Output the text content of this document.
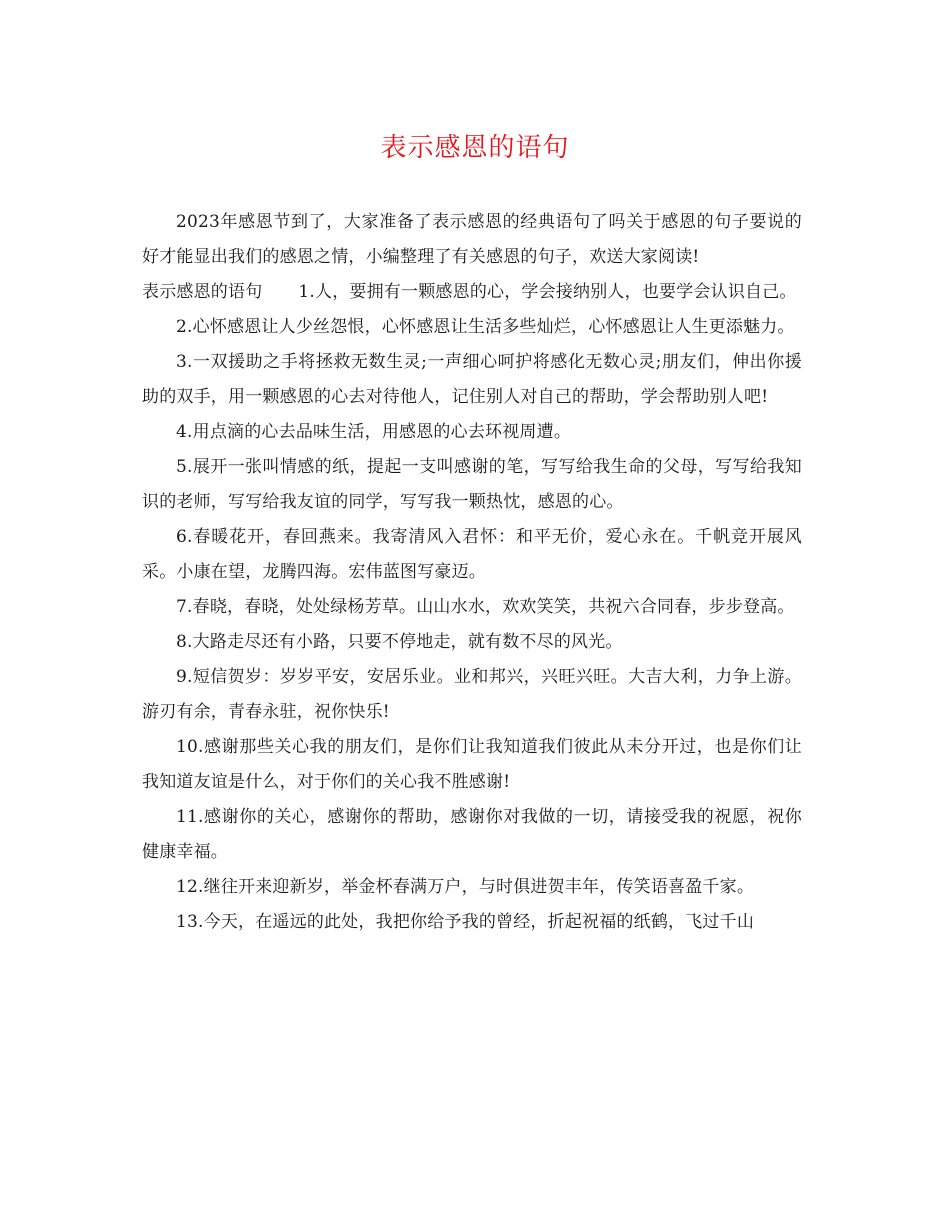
表示感恩的语句

2023年感恩节到了，大家准备了表示感恩的经典语句了吗关于感恩的句子要说的好才能显出我们的感恩之情，小编整理了有关感恩的句子，欢送大家阅读!

表示感恩的语句 1.人，要拥有一颗感恩的心，学会接纳别人，也要学会认识自己。

2.心怀感恩让人少丝怨恨，心怀感恩让生活多些灿烂，心怀感恩让人生更添魅力。

3.一双援助之手将拯救无数生灵;一声细心呵护将感化无数心灵;朋友们，伸出你援助的双手，用一颗感恩的心去对待他人，记住别人对自己的帮助，学会帮助别人吧!

4.用点滴的心去品味生活，用感恩的心去环视周遭。

5.展开一张叫情感的纸，提起一支叫感谢的笔，写写给我生命的父母，写写给我知识的老师，写写给我友谊的同学，写写我一颗热忱，感恩的心。

6.春暖花开，春回燕来。我寄清风入君怀：和平无价，爱心永在。千帆竞开展风采。小康在望，龙腾四海。宏伟蓝图写豪迈。

7.春晓，春晓，处处绿杨芳草。山山水水，欢欢笑笑，共祝六合同春，步步登高。

8.大路走尽还有小路，只要不停地走，就有数不尽的风光。

9.短信贺岁：岁岁平安，安居乐业。业和邦兴，兴旺兴旺。大吉大利，力争上游。游刃有余，青春永驻，祝你快乐!

10.感谢那些关心我的朋友们，是你们让我知道我们彼此从未分开过，也是你们让我知道友谊是什么，对于你们的关心我不胜感谢!

11.感谢你的关心，感谢你的帮助，感谢你对我做的一切，请接受我的祝愿，祝你健康幸福。

12.继往开来迎新岁，举金杯春满万户，与时俱进贺丰年，传笑语喜盈千家。

13.今天，在遥远的此处，我把你给予我的曾经，折起祝福的纸鹤，飞过千山
